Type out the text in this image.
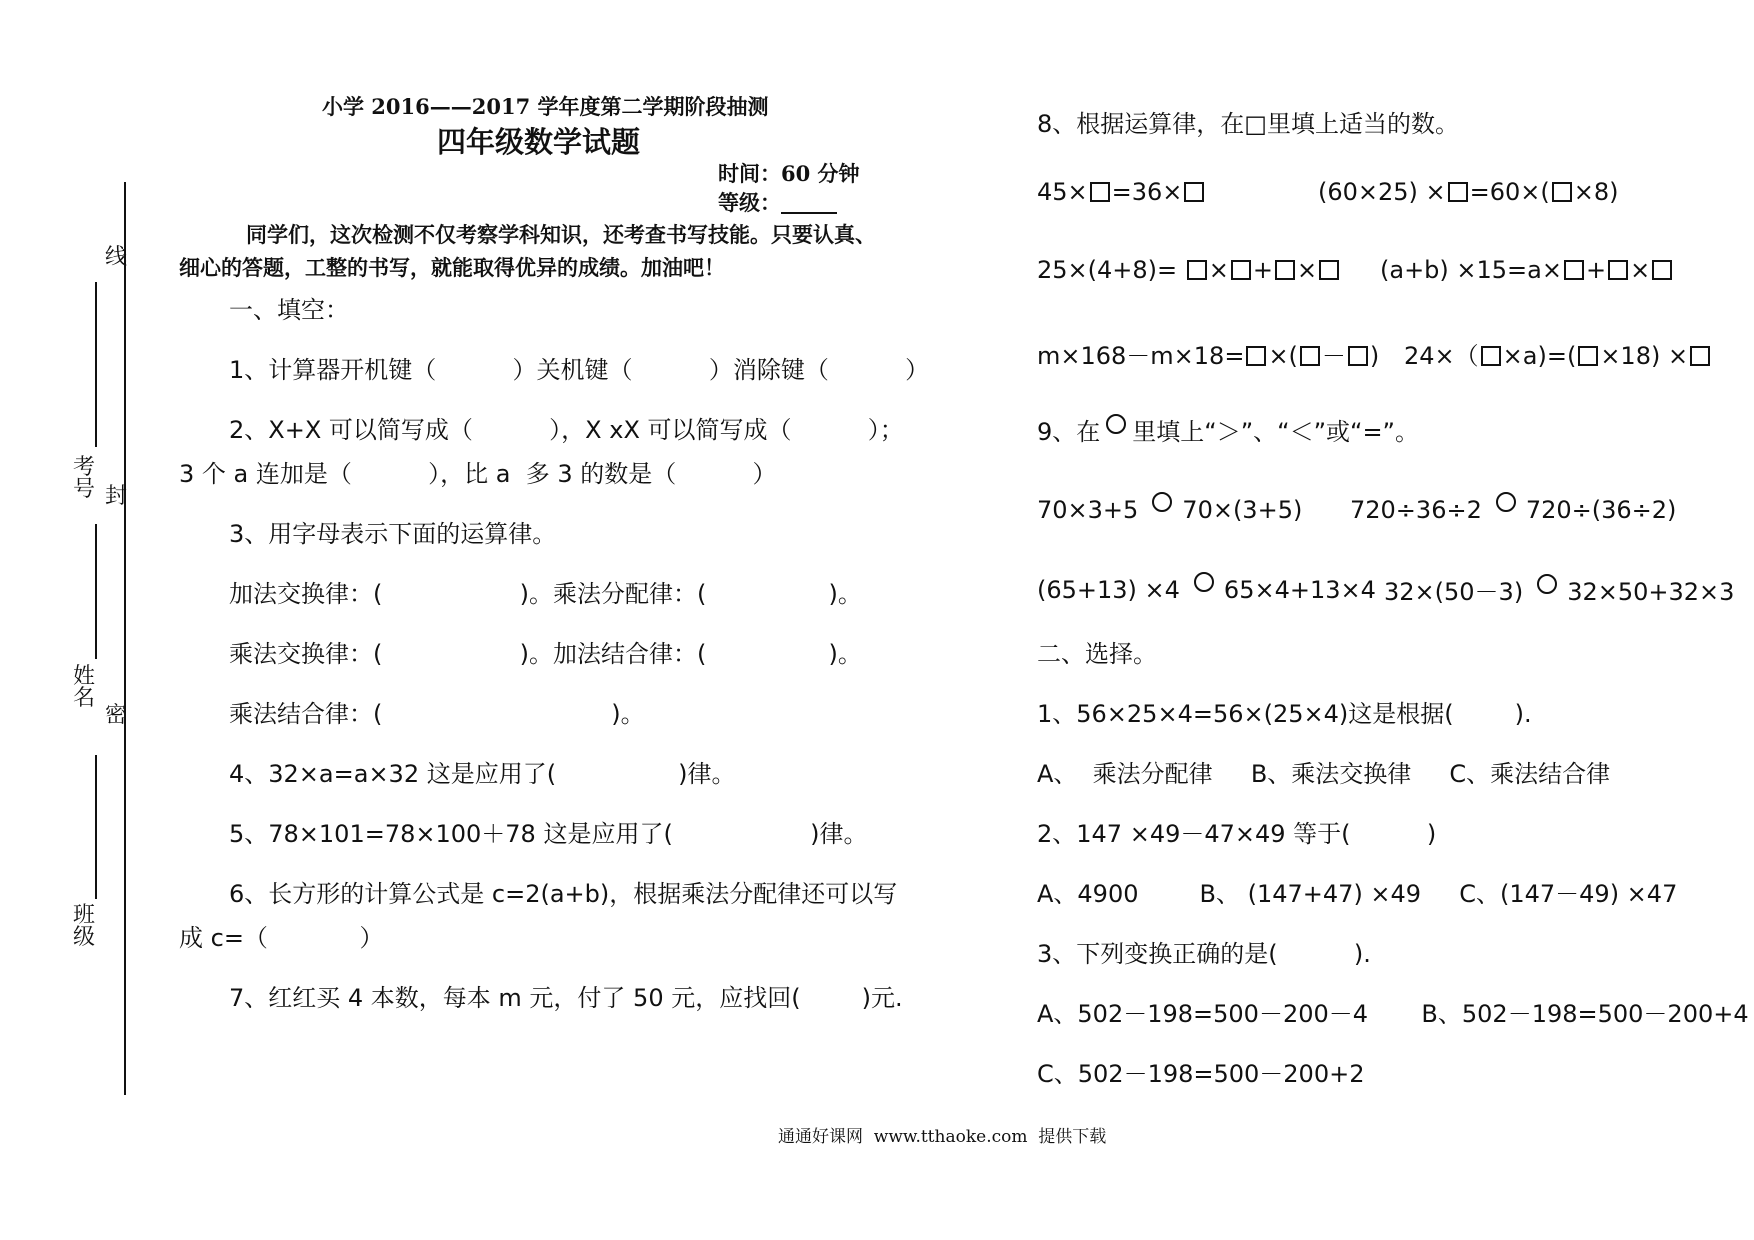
线
封
密
考号
姓名
班级
小学 2016——2017 学年度第二学期阶段抽测
四年级数学试题
时间：60 分钟
等级：
同学们，这次检测不仅考察学科知识，还考查书写技能。只要认真、
细心的答题，工整的书写，就能取得优异的成绩。加油吧！
一、填空：
1、计算器开机键（          ）关机键（          ）消除键（          ）
2、X+X 可以简写成（          ），X xX 可以简写成（          ）；
3 个 a 连加是（          ），比 a  多 3 的数是（          ）
3、用字母表示下面的运算律。
加法交换律：(                  )。乘法分配律：(                )。
乘法交换律：(                  )。加法结合律：(                )。
乘法结合律：(                              )。
4、32×a=a×32 这是应用了(                )律。
5、78×101=78×100＋78 这是应用了(                  )律。
6、长方形的计算公式是 c=2(a+b)，根据乘法分配律还可以写
成 c=（            ）
7、红红买 4 本数，每本 m 元，付了 50 元，应找回(        )元.
8、根据运算律，在□里填上适当的数。
45× =36×	(60×25) × =60×( ×8)
25×(4+8)= × + ×	(a+b) ×15=a× + ×
m×168－m×18= ×( － ) 24×（ ×a)=( ×18) ×
9、在 里填上“＞”、“＜”或“=”。
70×3+5 70×(3+5) 720÷36÷2 720÷(36÷2)
(65+13) ×4 65×4+13×4 32×(50－3) 32×50+32×3
二、选择。
1、56×25×4=56×(25×4)这是根据(        ).
A、  乘法分配律     B、乘法交换律     C、乘法结合律
2、147 ×49－47×49 等于(          )
A、4900        B、 (147+47) ×49     C、(147－49) ×47
3、下列变换正确的是(          ).
A、502－198=500－200－4       B、502－198=500－200+4
C、502－198=500－200+2
通通好课网  www.tthaoke.com  提供下载
